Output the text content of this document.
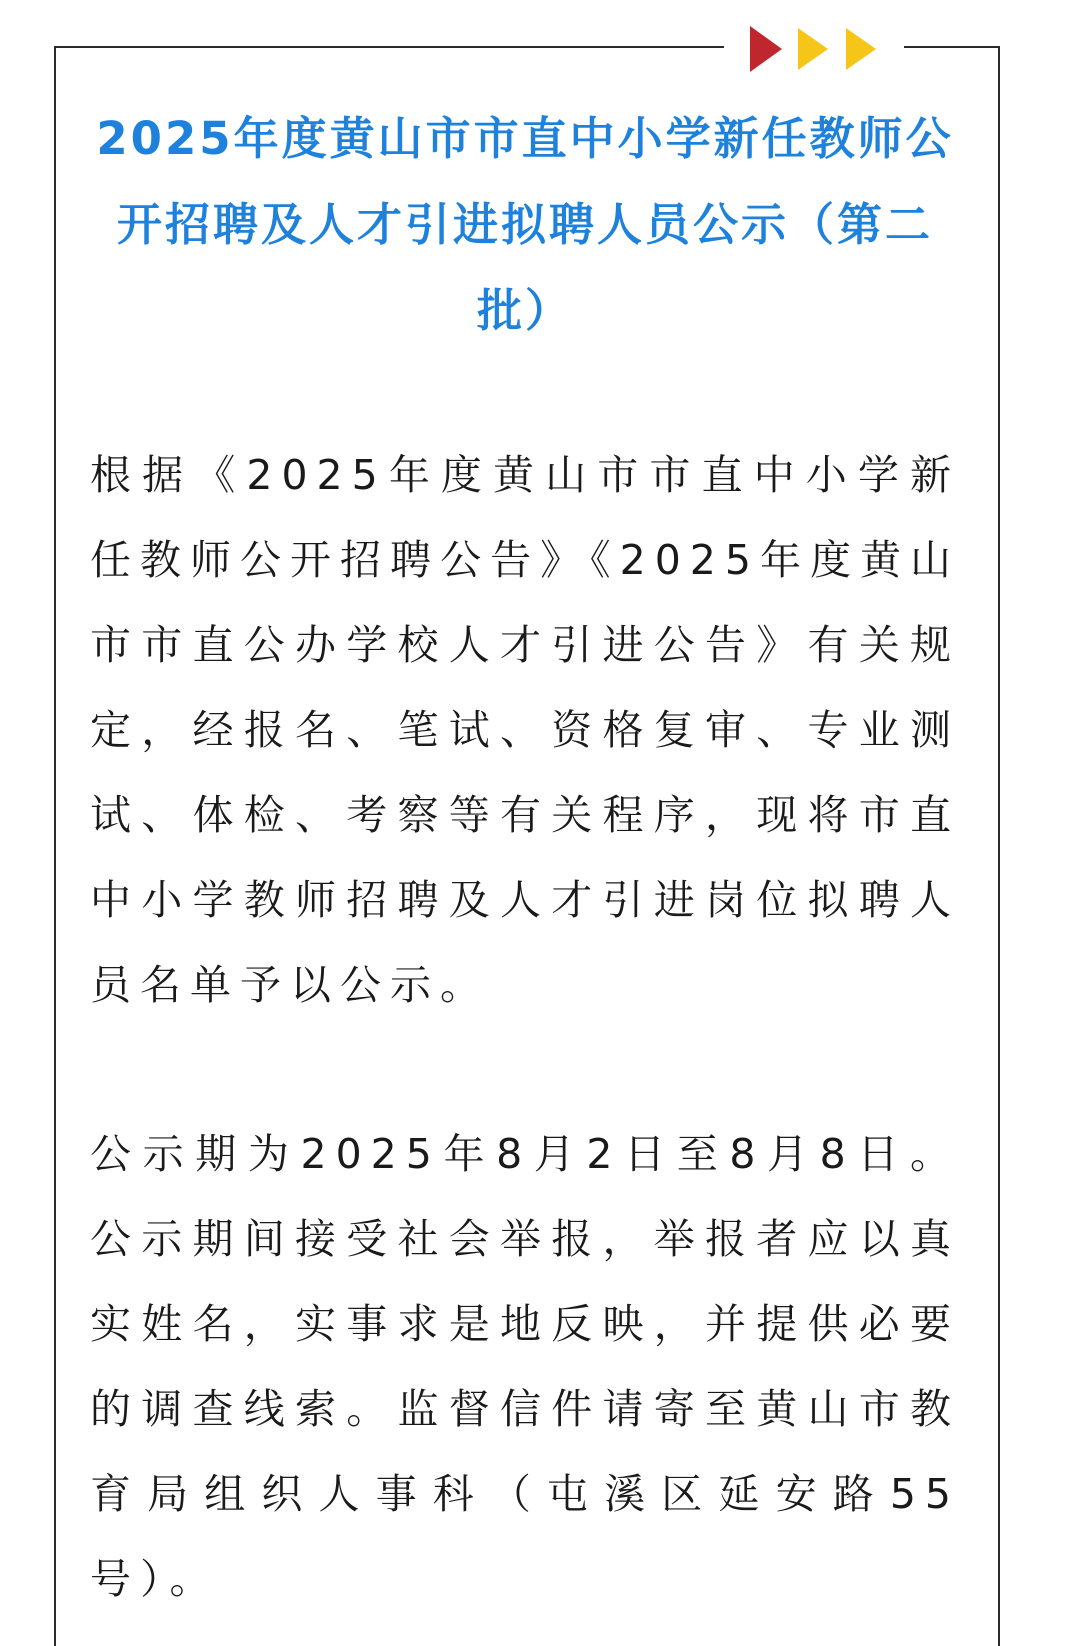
2025年度黄山市市直中小学新任教师公开招聘及人才引进拟聘人员公示（第二批）

根据《2025年度黄山市市直中小学新任教师公开招聘公告》《2025年度黄山市市直公办学校人才引进公告》有关规定，经报名、笔试、资格复审、专业测试、体检、考察等有关程序，现将市直中小学教师招聘及人才引进岗位拟聘人员名单予以公示。

公示期为2025年8月2日至8月8日。公示期间接受社会举报，举报者应以真实姓名，实事求是地反映，并提供必要的调查线索。监督信件请寄至黄山市教育局组织人事科（屯溪区延安路55号）。
